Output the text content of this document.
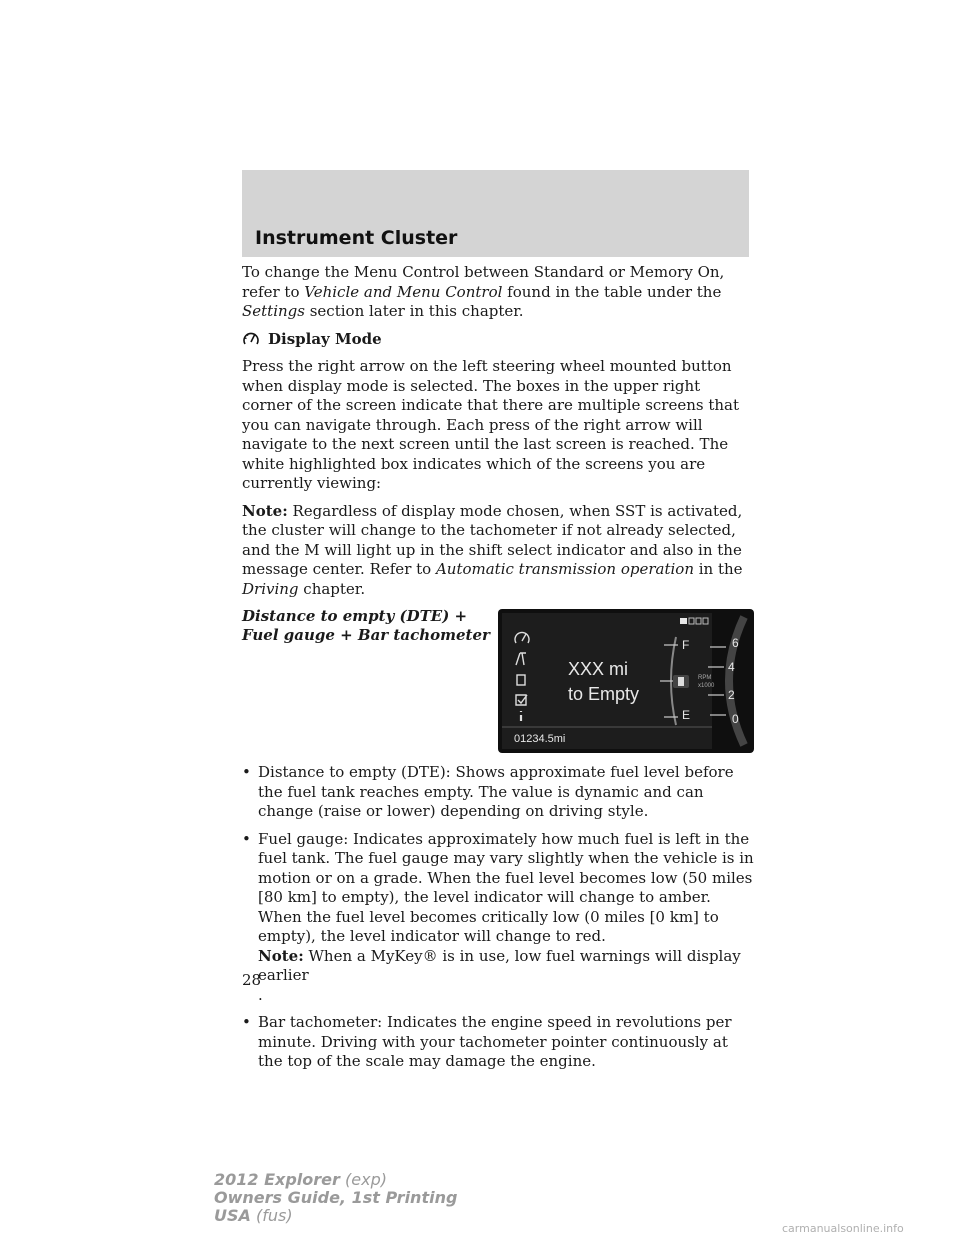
Instrument Cluster

To change the Menu Control between Standard or Memory On, refer to Vehicle and Menu Control found in the table under the Settings section later in this chapter.

Display Mode

Press the right arrow on the left steering wheel mounted button when display mode is selected. The boxes in the upper right corner of the screen indicate that there are multiple screens that you can navigate through. Each press of the right arrow will navigate to the next screen until the last screen is reached. The white highlighted box indicates which of the screens you are currently viewing:

Note: Regardless of display mode chosen, when SST is activated, the cluster will change to the tachometer if not already selected, and the M will light up in the shift select indicator and also in the message center. Refer to Automatic transmission operation in the Driving chapter.

Distance to empty (DTE) + Fuel gauge + Bar tachometer
XXX mi
to Empty
01234.5mi
F
E
6
4
2
0
RPM
x1000
• Distance to empty (DTE): Shows approximate fuel level before the fuel tank reaches empty. The value is dynamic and can change (raise or lower) depending on driving style.
• Fuel gauge: Indicates approximately how much fuel is left in the fuel tank. The fuel gauge may vary slightly when the vehicle is in motion or on a grade. When the fuel level becomes low (50 miles [80 km] to empty), the level indicator will change to amber. When the fuel level becomes critically low (0 miles [0 km] to empty), the level indicator will change to red.
Note: When a MyKey® is in use, low fuel warnings will display earlier
.
• Bar tachometer: Indicates the engine speed in revolutions per minute. Driving with your tachometer pointer continuously at the top of the scale may damage the engine.
28
2012 Explorer (exp)
Owners Guide, 1st Printing
USA (fus)
carmanualsonline.info
